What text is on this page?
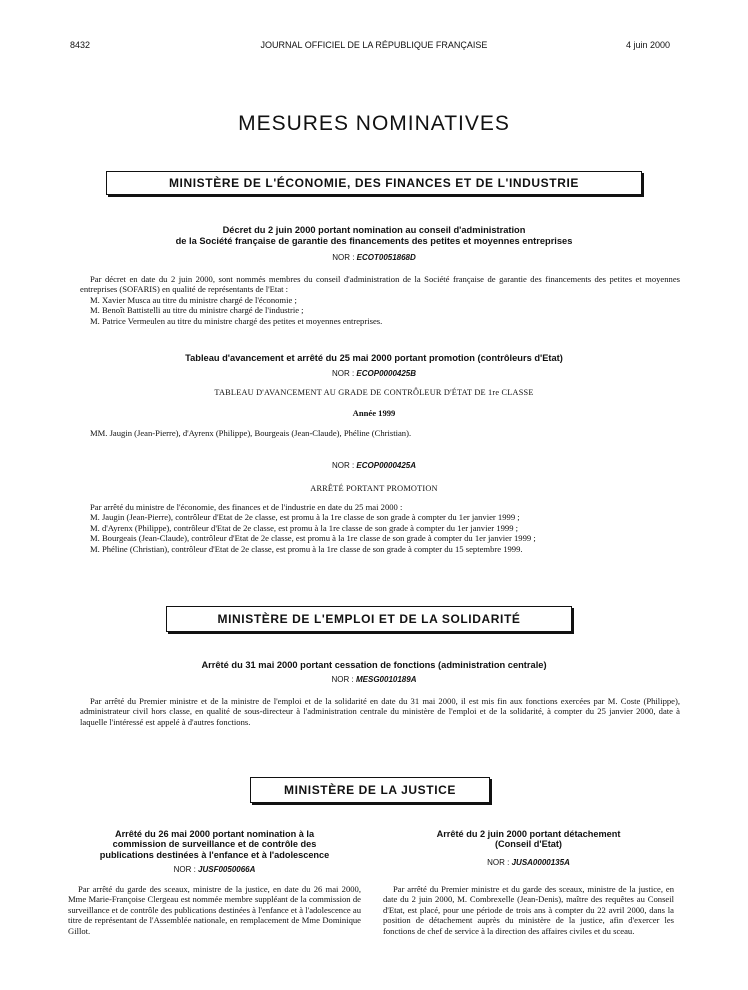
8432	JOURNAL OFFICIEL DE LA RÉPUBLIQUE FRANÇAISE	4 juin 2000
MESURES NOMINATIVES
MINISTÈRE DE L'ÉCONOMIE, DES FINANCES ET DE L'INDUSTRIE
Décret du 2 juin 2000 portant nomination au conseil d'administration
de la Société française de garantie des financements des petites et moyennes entreprises
NOR : ECOT0051868D

Par décret en date du 2 juin 2000, sont nommés membres du conseil d'administration de la Société française de garantie des financements des petites et moyennes entreprises (SOFARIS) en qualité de représentants de l'Etat :

M. Xavier Musca au titre du ministre chargé de l'économie ;

M. Benoît Battistelli au titre du ministre chargé de l'industrie ;

M. Patrice Vermeulen au titre du ministre chargé des petites et moyennes entreprises.

Tableau d'avancement et arrêté du 25 mai 2000 portant promotion (contrôleurs d'Etat)
NOR : ECOP0000425B
TABLEAU D'AVANCEMENT AU GRADE DE CONTRÔLEUR D'ÉTAT DE 1re CLASSE
Année 1999
MM. Jaugin (Jean-Pierre), d'Ayrenx (Philippe), Bourgeais (Jean-Claude), Phéline (Christian).
NOR : ECOP0000425A
ARRÊTÉ PORTANT PROMOTION

Par arrêté du ministre de l'économie, des finances et de l'industrie en date du 25 mai 2000 :

M. Jaugin (Jean-Pierre), contrôleur d'Etat de 2e classe, est promu à la 1re classe de son grade à compter du 1er janvier 1999 ;

M. d'Ayrenx (Philippe), contrôleur d'Etat de 2e classe, est promu à la 1re classe de son grade à compter du 1er janvier 1999 ;

M. Bourgeais (Jean-Claude), contrôleur d'Etat de 2e classe, est promu à la 1re classe de son grade à compter du 1er janvier 1999 ;

M. Phéline (Christian), contrôleur d'Etat de 2e classe, est promu à la 1re classe de son grade à compter du 15 septembre 1999.

MINISTÈRE DE L'EMPLOI ET DE LA SOLIDARITÉ
Arrêté du 31 mai 2000 portant cessation de fonctions (administration centrale)
NOR : MESG0010189A
Par arrêté du Premier ministre et de la ministre de l'emploi et de la solidarité en date du 31 mai 2000, il est mis fin aux fonctions exercées par M. Coste (Philippe), administrateur civil hors classe, en qualité de sous-directeur à l'administration centrale du ministère de l'emploi et de la solidarité, à compter du 25 janvier 2000, date à laquelle l'intéressé est appelé à d'autres fonctions.
MINISTÈRE DE LA JUSTICE
Arrêté du 26 mai 2000 portant nomination à la
commission de surveillance et de contrôle des
publications destinées à l'enfance et à l'adolescence
NOR : JUSF0050066A
Par arrêté du garde des sceaux, ministre de la justice, en date du 26 mai 2000, Mme Marie-Françoise Clergeau est nommée membre suppléant de la commission de surveillance et de contrôle des publications destinées à l'enfance et à l'adolescence au titre de représentant de l'Assemblée nationale, en remplacement de Mme Dominique Gillot.
Arrêté du 2 juin 2000 portant détachement
(Conseil d'Etat)
NOR : JUSA0000135A
Par arrêté du Premier ministre et du garde des sceaux, ministre de la justice, en date du 2 juin 2000, M. Combrexelle (Jean-Denis), maître des requêtes au Conseil d'Etat, est placé, pour une période de trois ans à compter du 22 avril 2000, dans la position de détachement auprès du ministère de la justice, afin d'exercer les fonctions de chef de service à la direction des affaires civiles et du sceau.
